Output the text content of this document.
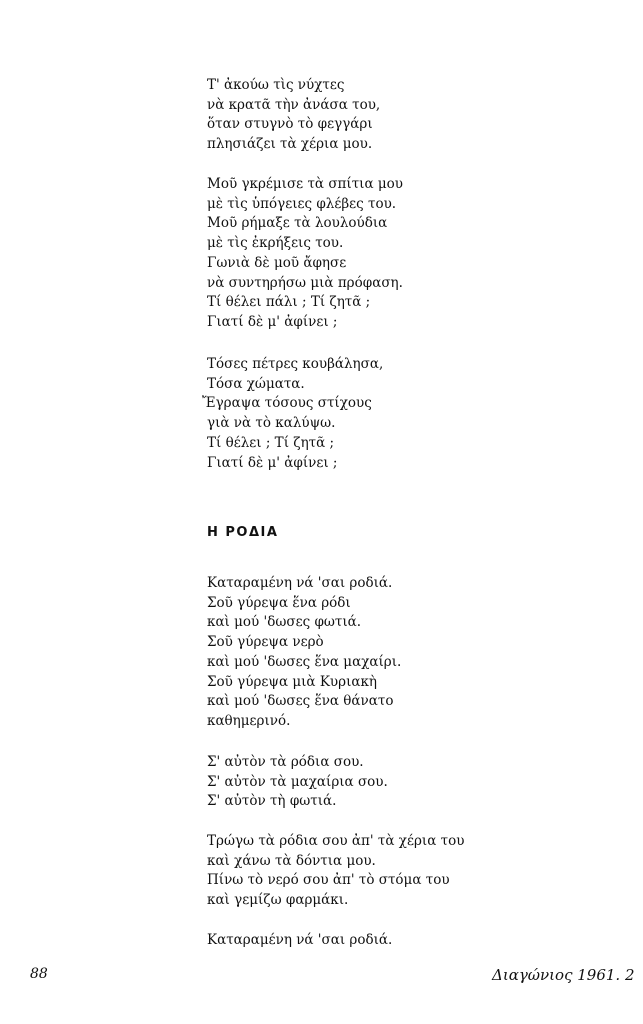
Τ' ἀκούω τὶς νύχτες
νὰ κρατᾶ τὴν ἀνάσα του,
ὅταν στυγνὸ τὸ φεγγάρι
πλησιάζει τὰ χέρια μου.
Μοῦ γκρέμισε τὰ σπίτια μου
μὲ τὶς ὑπόγειες φλέβες του.
Μοῦ ρήμαξε τὰ λουλούδια
μὲ τὶς ἐκρήξεις του.
Γωνιὰ δὲ μοῦ ἄφησε
νὰ συντηρήσω μιὰ πρόφαση.
Τί θέλει πάλι ; Τί ζητᾶ ;
Γιατί δὲ μ' ἀφίνει ;
Τόσες πέτρες κουβάλησα,
Τόσα χώματα.
Ἔγραψα τόσους στίχους
γιὰ νὰ τὸ καλύψω.
Τί θέλει ; Τί ζητᾶ ;
Γιατί δὲ μ' ἀφίνει ;
Η ΡΟΔΙΑ
Καταραμένη νά 'σαι ροδιά.
Σοῦ γύρεψα ἕνα ρόδι
καὶ μού 'δωσες φωτιά.
Σοῦ γύρεψα νερὸ
καὶ μού 'δωσες ἕνα μαχαίρι.
Σοῦ γύρεψα μιὰ Κυριακὴ
καὶ μού 'δωσες ἕνα θάνατο
καθημερινό.
Σ' αὐτὸν τὰ ρόδια σου.
Σ' αὐτὸν τὰ μαχαίρια σου.
Σ' αὐτὸν τὴ φωτιά.
Τρώγω τὰ ρόδια σου ἀπ' τὰ χέρια του
καὶ χάνω τὰ δόντια μου.
Πίνω τὸ νερό σου ἀπ' τὸ στόμα του
καὶ γεμίζω φαρμάκι.
Καταραμένη νά 'σαι ροδιά.
88	Διαγώνιος 1961. 2
